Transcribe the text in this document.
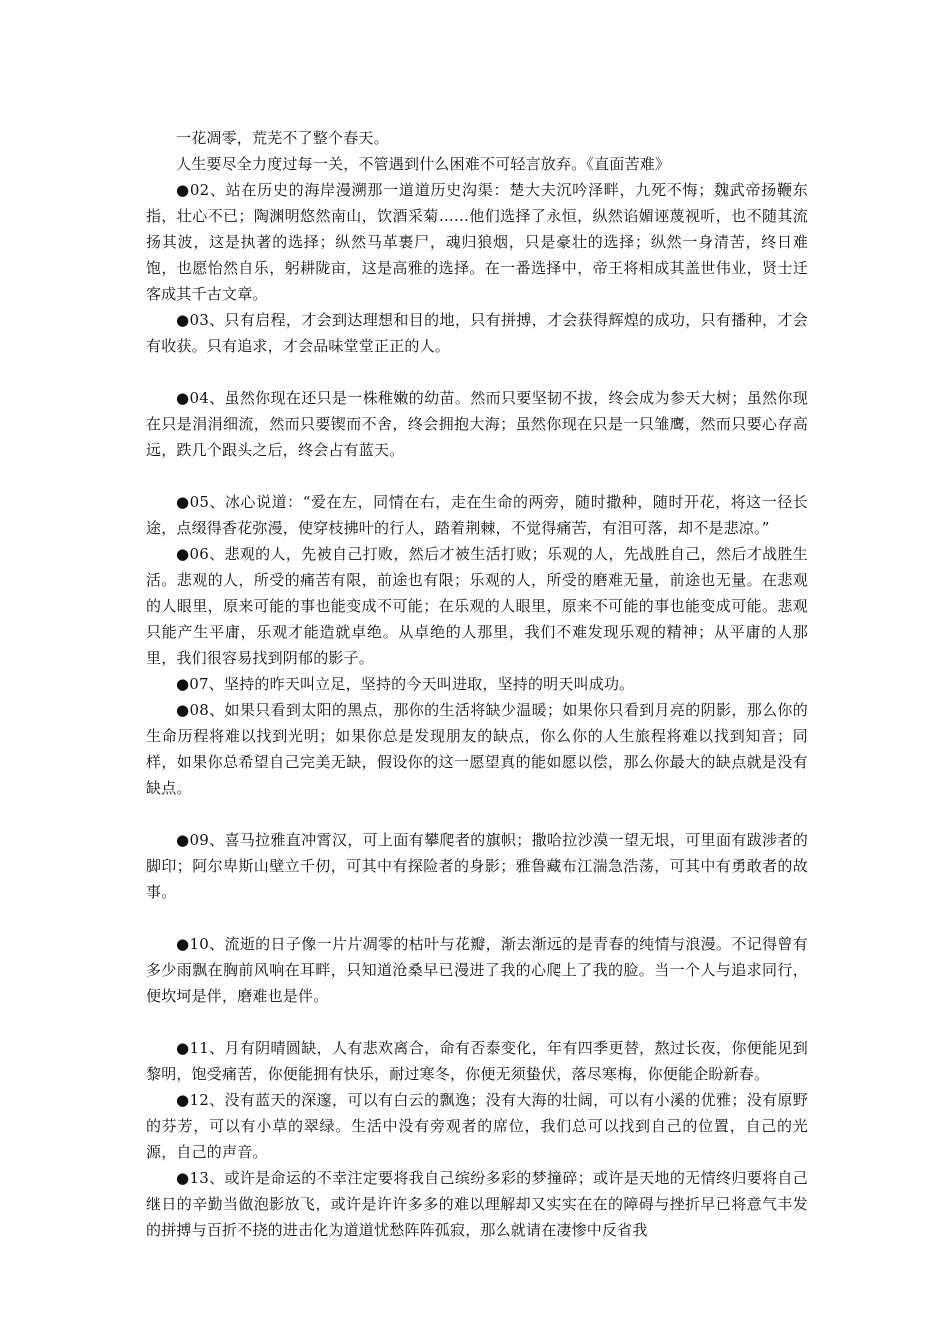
一花凋零，荒芜不了整个春天。

人生要尽全力度过每一关，不管遇到什么困难不可轻言放弃。《直面苦难》

●02、站在历史的海岸漫溯那一道道历史沟渠：楚大夫沉吟泽畔，九死不悔；魏武帝扬鞭东指，壮心不已；陶渊明悠然南山，饮酒采菊……他们选择了永恒，纵然谄媚诬蔑视听，也不随其流扬其波，这是执著的选择；纵然马革裹尸，魂归狼烟，只是豪壮的选择；纵然一身清苦，终日难饱，也愿怡然自乐，躬耕陇亩，这是高雅的选择。在一番选择中，帝王将相成其盖世伟业，贤士迁客成其千古文章。

●03、只有启程，才会到达理想和目的地，只有拼搏，才会获得辉煌的成功，只有播种，才会有收获。只有追求，才会品味堂堂正正的人。

●04、虽然你现在还只是一株稚嫩的幼苗。然而只要坚韧不拔，终会成为参天大树；虽然你现在只是涓涓细流，然而只要锲而不舍，终会拥抱大海；虽然你现在只是一只雏鹰，然而只要心存高远，跌几个跟头之后，终会占有蓝天。

●05、冰心说道：“爱在左，同情在右，走在生命的两旁，随时撒种，随时开花，将这一径长途，点缀得香花弥漫，使穿枝拂叶的行人，踏着荆棘，不觉得痛苦，有泪可落，却不是悲凉。”

●06、悲观的人，先被自己打败，然后才被生活打败；乐观的人，先战胜自己，然后才战胜生活。悲观的人，所受的痛苦有限，前途也有限；乐观的人，所受的磨难无量，前途也无量。在悲观的人眼里，原来可能的事也能变成不可能；在乐观的人眼里，原来不可能的事也能变成可能。悲观只能产生平庸，乐观才能造就卓绝。从卓绝的人那里，我们不难发现乐观的精神；从平庸的人那里，我们很容易找到阴郁的影子。

●07、坚持的昨天叫立足，坚持的今天叫进取，坚持的明天叫成功。

●08、如果只看到太阳的黑点，那你的生活将缺少温暖；如果你只看到月亮的阴影，那么你的生命历程将难以找到光明；如果你总是发现朋友的缺点，你么你的人生旅程将难以找到知音；同样，如果你总希望自己完美无缺，假设你的这一愿望真的能如愿以偿，那么你最大的缺点就是没有缺点。

●09、喜马拉雅直冲霄汉，可上面有攀爬者的旗帜；撒哈拉沙漠一望无垠，可里面有跋涉者的脚印；阿尔卑斯山壁立千仞，可其中有探险者的身影；雅鲁藏布江湍急浩荡，可其中有勇敢者的故事。

●10、流逝的日子像一片片凋零的枯叶与花瓣，渐去渐远的是青春的纯情与浪漫。不记得曾有多少雨飘在胸前风响在耳畔，只知道沧桑早已漫进了我的心爬上了我的脸。当一个人与追求同行，便坎坷是伴，磨难也是伴。

●11、月有阴晴圆缺，人有悲欢离合，命有否泰变化，年有四季更替，熬过长夜，你便能见到黎明，饱受痛苦，你便能拥有快乐，耐过寒冬，你便无须蛰伏，落尽寒梅，你便能企盼新春。

●12、没有蓝天的深邃，可以有白云的飘逸；没有大海的壮阔，可以有小溪的优雅；没有原野的芬芳，可以有小草的翠绿。生活中没有旁观者的席位，我们总可以找到自己的位置，自己的光源，自己的声音。

●13、或许是命运的不幸注定要将我自己缤纷多彩的梦撞碎；或许是天地的无情终归要将自己继日的辛勤当做泡影放飞，或许是许许多多的难以理解却又实实在在的障碍与挫折早已将意气丰发的拼搏与百折不挠的进击化为道道忧愁阵阵孤寂，那么就请在凄惨中反省我
